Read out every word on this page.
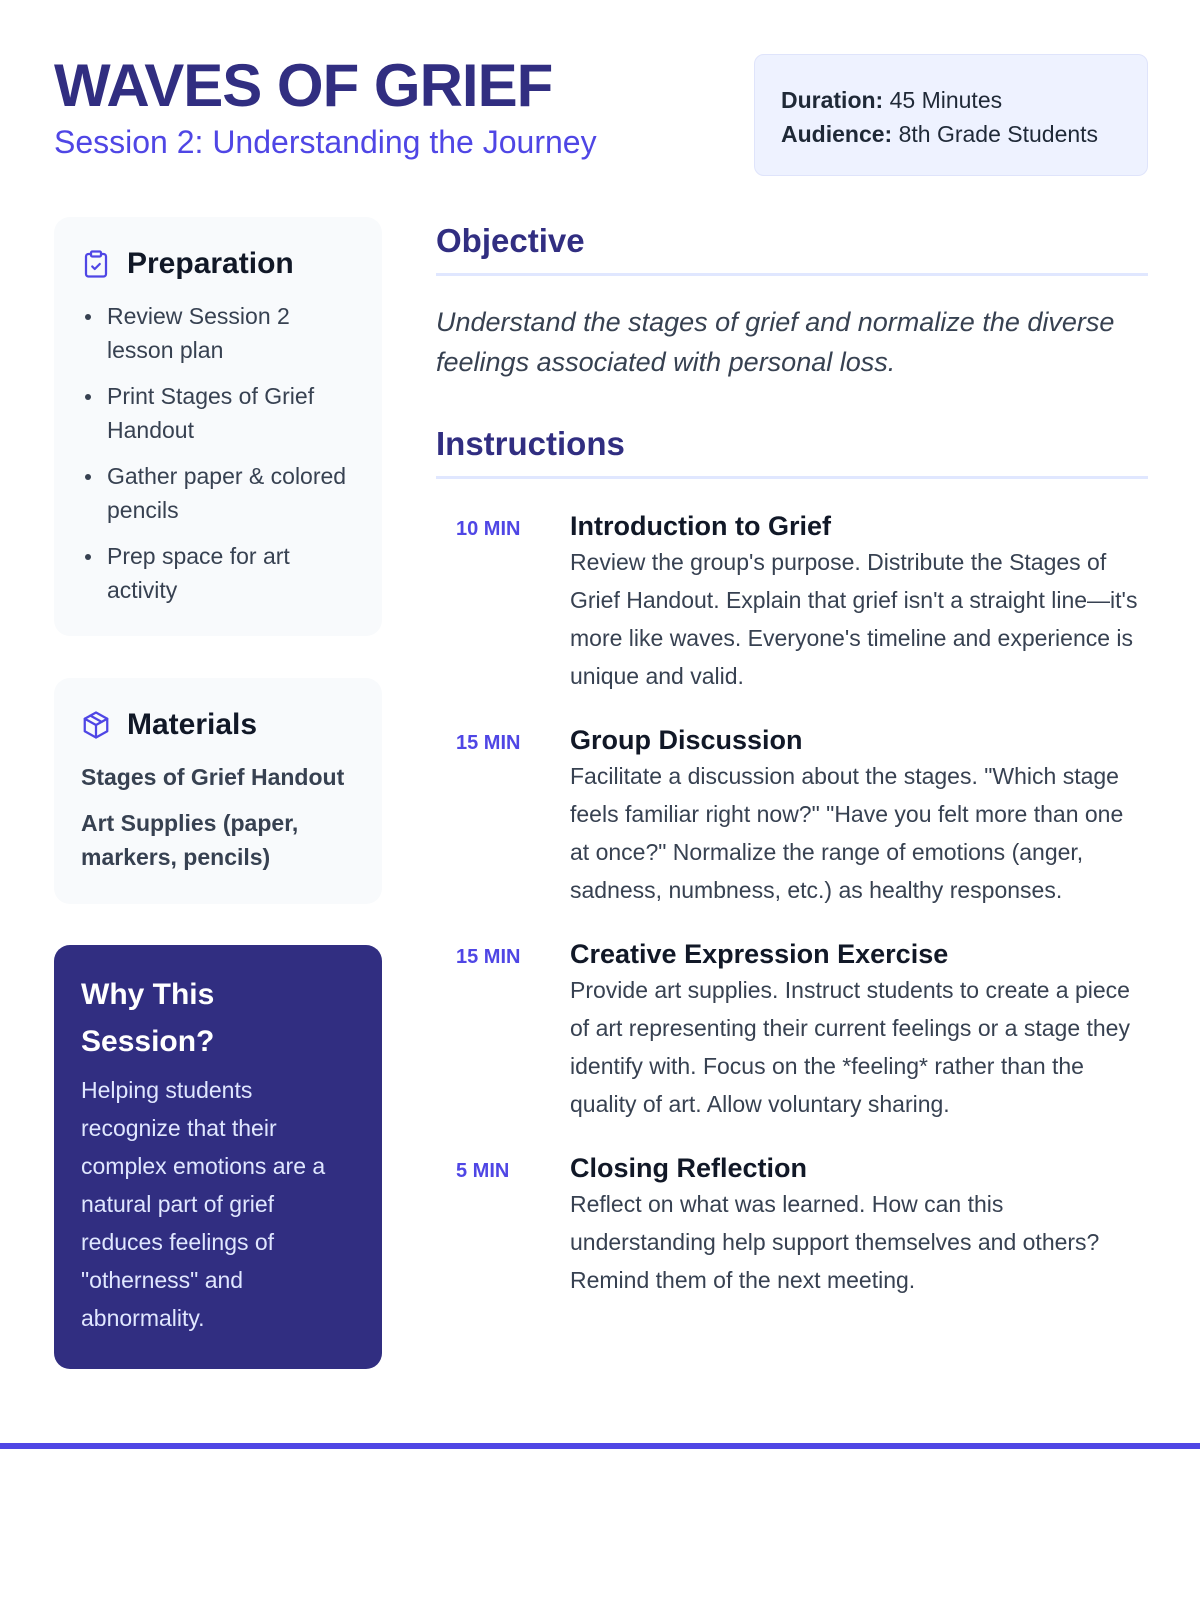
WAVES OF GRIEF
Session 2: Understanding the Journey
Duration: 45 Minutes
Audience: 8th Grade Students
Preparation
Review Session 2 lesson plan
Print Stages of Grief Handout
Gather paper & colored pencils
Prep space for art activity
Materials
Stages of Grief Handout
Art Supplies (paper, markers, pencils)
Why This Session?
Helping students recognize that their complex emotions are a natural part of grief reduces feelings of "otherness" and abnormality.
Objective

Understand the stages of grief and normalize the diverse feelings associated with personal loss.

Instructions
10 MIN	Introduction to Grief
Review the group's purpose. Distribute the Stages of Grief Handout. Explain that grief isn't a straight line—it's more like waves. Everyone's timeline and experience is unique and valid.
15 MIN	Group Discussion
Facilitate a discussion about the stages. "Which stage feels familiar right now?" "Have you felt more than one at once?" Normalize the range of emotions (anger, sadness, numbness, etc.) as healthy responses.
15 MIN	Creative Expression Exercise
Provide art supplies. Instruct students to create a piece of art representing their current feelings or a stage they identify with. Focus on the *feeling* rather than the quality of art. Allow voluntary sharing.
5 MIN	Closing Reflection
Reflect on what was learned. How can this understanding help support themselves and others? Remind them of the next meeting.
